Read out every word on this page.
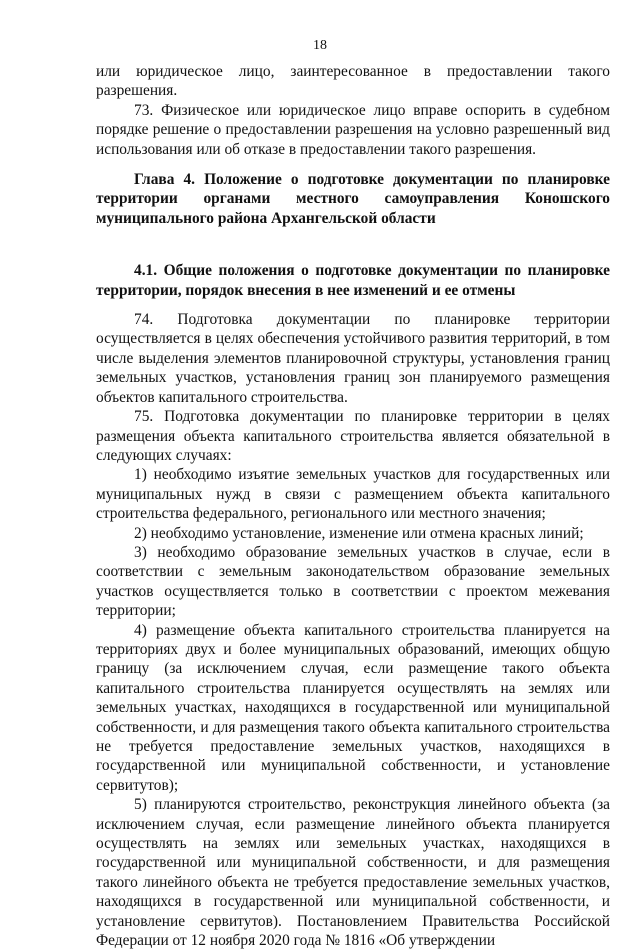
18

или юридическое лицо, заинтересованное в предоставлении такого разрешения.

73. Физическое или юридическое лицо вправе оспорить в судебном порядке решение о предоставлении разрешения на условно разрешенный вид использования или об отказе в предоставлении такого разрешения.

Глава 4. Положение о подготовке документации по планировке территории органами местного самоуправления Коношского муниципального района Архангельской области

4.1. Общие положения о подготовке документации по планировке территории, порядок внесения в нее изменений и ее отмены

74. Подготовка документации по планировке территории осуществляется в целях обеспечения устойчивого развития территорий, в том числе выделения элементов планировочной структуры, установления границ земельных участков, установления границ зон планируемого размещения объектов капитального строительства.

75. Подготовка документации по планировке территории в целях размещения объекта капитального строительства является обязательной в следующих случаях:

1) необходимо изъятие земельных участков для государственных или муниципальных нужд в связи с размещением объекта капитального строительства федерального, регионального или местного значения;

2) необходимо установление, изменение или отмена красных линий;

3) необходимо образование земельных участков в случае, если в соответствии с земельным законодательством образование земельных участков осуществляется только в соответствии с проектом межевания территории;

4) размещение объекта капитального строительства планируется на территориях двух и более муниципальных образований, имеющих общую границу (за исключением случая, если размещение такого объекта капитального строительства планируется осуществлять на землях или земельных участках, находящихся в государственной или муниципальной собственности, и для размещения такого объекта капитального строительства не требуется предоставление земельных участков, находящихся в государственной или муниципальной собственности, и установление сервитутов);

5) планируются строительство, реконструкция линейного объекта (за исключением случая, если размещение линейного объекта планируется осуществлять на землях или земельных участках, находящихся в государственной или муниципальной собственности, и для размещения такого линейного объекта не требуется предоставление земельных участков, находящихся в государственной или муниципальной собственности, и установление сервитутов). Постановлением Правительства Российской Федерации от 12 ноября 2020 года № 1816 «Об утверждении
